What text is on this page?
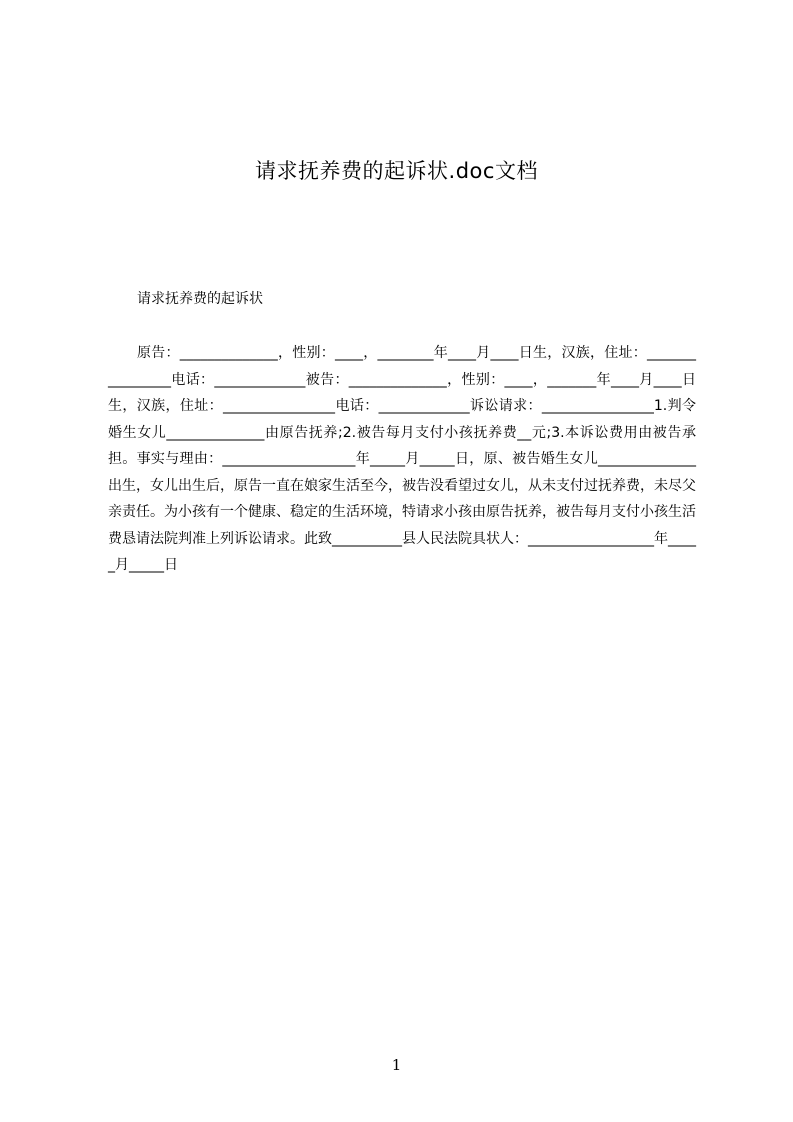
请求抚养费的起诉状.doc文档
请求抚养费的起诉状

原告：______________，性别：____，________年____月____日生，汉族，住址：________________电话：_____________被告：______________，性别：____，_______年____月____日生，汉族，住址：________________电话：_____________诉讼请求：________________1.判令婚生女儿______________由原告抚养;2.被告每月支付小孩抚养费__元;3.本诉讼费用由被告承担。事实与理由：___________________年_____月_____日，原、被告婚生女儿______________出生，女儿出生后，原告一直在娘家生活至今，被告没看望过女儿，从未支付过抚养费，未尽父亲责任。为小孩有一个健康、稳定的生活环境，特请求小孩由原告抚养，被告每月支付小孩生活费恳请法院判准上列诉讼请求。此致__________县人民法院具状人：__________________年_____月_____日

1
